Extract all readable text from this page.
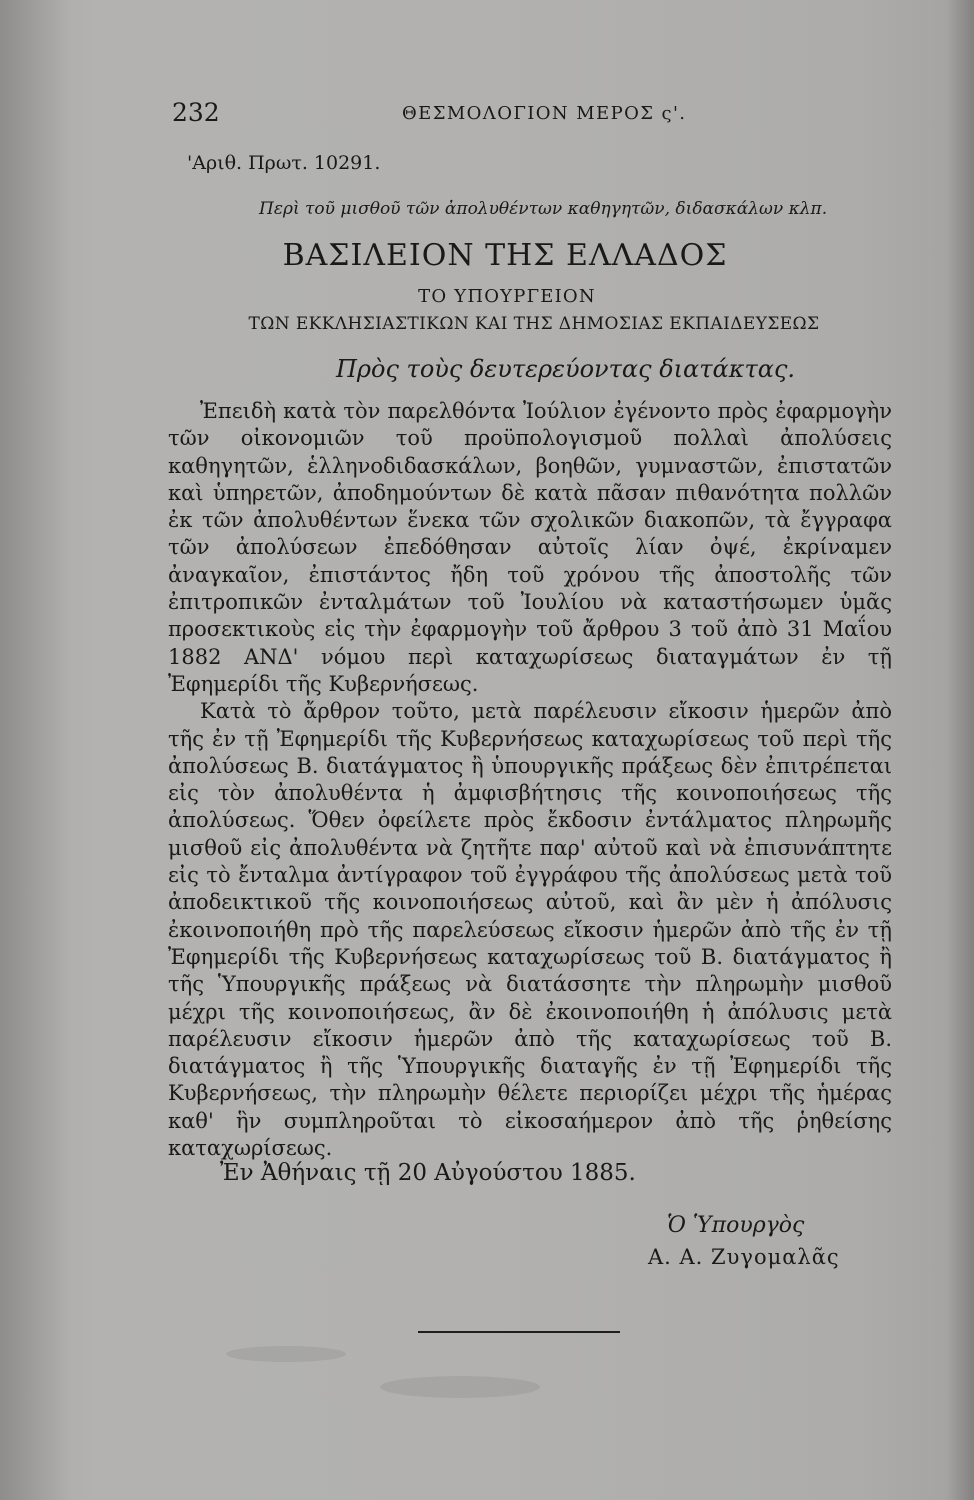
232	ΘΕΣΜΟΛΟΓΙΟΝ ΜΕΡΟΣ ς'.
'Αριθ. Πρωτ. 10291.
Περὶ τοῦ μισθοῦ τῶν ἀπολυθέντων καθηγητῶν, διδασκάλων κλπ.
ΒΑΣΙΛΕΙΟΝ ΤΗΣ ΕΛΛΑΔΟΣ
ΤΟ ΥΠΟΥΡΓΕΙΟΝ
ΤΩΝ ΕΚΚΛΗΣΙΑΣΤΙΚΩΝ ΚΑΙ ΤΗΣ ΔΗΜΟΣΙΑΣ ΕΚΠΑΙΔΕΥΣΕΩΣ
Πρὸς τοὺς δευτερεύοντας διατάκτας.

Ἐπειδὴ κατὰ τὸν παρελθόντα Ἰούλιον ἐγένοντο πρὸς ἐφαρμογὴν τῶν οἰκονομιῶν τοῦ προϋπολογισμοῦ πολλαὶ ἀπολύσεις καθηγητῶν, ἑλληνοδιδασκάλων, βοηθῶν, γυμναστῶν, ἐπιστατῶν καὶ ὑπηρετῶν, ἀποδημούντων δὲ κατὰ πᾶσαν πιθανότητα πολλῶν ἐκ τῶν ἀπολυθέντων ἕνεκα τῶν σχολικῶν διακοπῶν, τὰ ἔγγραφα τῶν ἀπολύσεων ἐπεδόθησαν αὐτοῖς λίαν ὀψέ, ἐκρίναμεν ἀναγκαῖον, ἐπιστάντος ἤδη τοῦ χρόνου τῆς ἀποστολῆς τῶν ἐπιτροπικῶν ἐνταλμάτων τοῦ Ἰουλίου νὰ καταστήσωμεν ὑμᾶς προσεκτικοὺς εἰς τὴν ἐφαρμογὴν τοῦ ἄρθρου 3 τοῦ ἀπὸ 31 Μαΐου 1882 ΑΝΔ' νόμου περὶ καταχωρίσεως διαταγμάτων ἐν τῇ Ἐφημερίδι τῆς Κυβερνήσεως.

Κατὰ τὸ ἄρθρον τοῦτο, μετὰ παρέλευσιν εἴκοσιν ἡμερῶν ἀπὸ τῆς ἐν τῇ Ἐφημερίδι τῆς Κυβερνήσεως καταχωρίσεως τοῦ περὶ τῆς ἀπολύσεως Β. διατάγματος ἢ ὑπουργικῆς πράξεως δὲν ἐπιτρέπεται εἰς τὸν ἀπολυθέντα ἡ ἀμφισβήτησις τῆς κοινοποιήσεως τῆς ἀπολύσεως. Ὅθεν ὀφείλετε πρὸς ἔκδοσιν ἐντάλματος πληρωμῆς μισθοῦ εἰς ἀπολυθέντα νὰ ζητῆτε παρ' αὐτοῦ καὶ νὰ ἐπισυνάπτητε εἰς τὸ ἔνταλμα ἀντίγραφον τοῦ ἐγγράφου τῆς ἀπολύσεως μετὰ τοῦ ἀποδεικτικοῦ τῆς κοινοποιήσεως αὐτοῦ, καὶ ἂν μὲν ἡ ἀπόλυσις ἐκοινοποιήθη πρὸ τῆς παρελεύσεως εἴκοσιν ἡμερῶν ἀπὸ τῆς ἐν τῇ Ἐφημερίδι τῆς Κυβερνήσεως καταχωρίσεως τοῦ Β. διατάγματος ἢ τῆς Ὑπουργικῆς πράξεως νὰ διατάσσητε τὴν πληρωμὴν μισθοῦ μέχρι τῆς κοινοποιήσεως, ἂν δὲ ἐκοινοποιήθη ἡ ἀπόλυσις μετὰ παρέλευσιν εἴκοσιν ἡμερῶν ἀπὸ τῆς καταχωρίσεως τοῦ Β. διατάγματος ἢ τῆς Ὑπουργικῆς διαταγῆς ἐν τῇ Ἐφημερίδι τῆς Κυβερνήσεως, τὴν πληρωμὴν θέλετε περιορίζει μέχρι τῆς ἡμέρας καθ' ἣν συμπληροῦται τὸ εἰκοσαήμερον ἀπὸ τῆς ῥηθείσης καταχωρίσεως.

Ἐν Ἀθήναις τῇ 20 Αὐγούστου 1885.
Ὁ Ὑπουργὸς
Α. Α. Ζυγομαλᾶς
